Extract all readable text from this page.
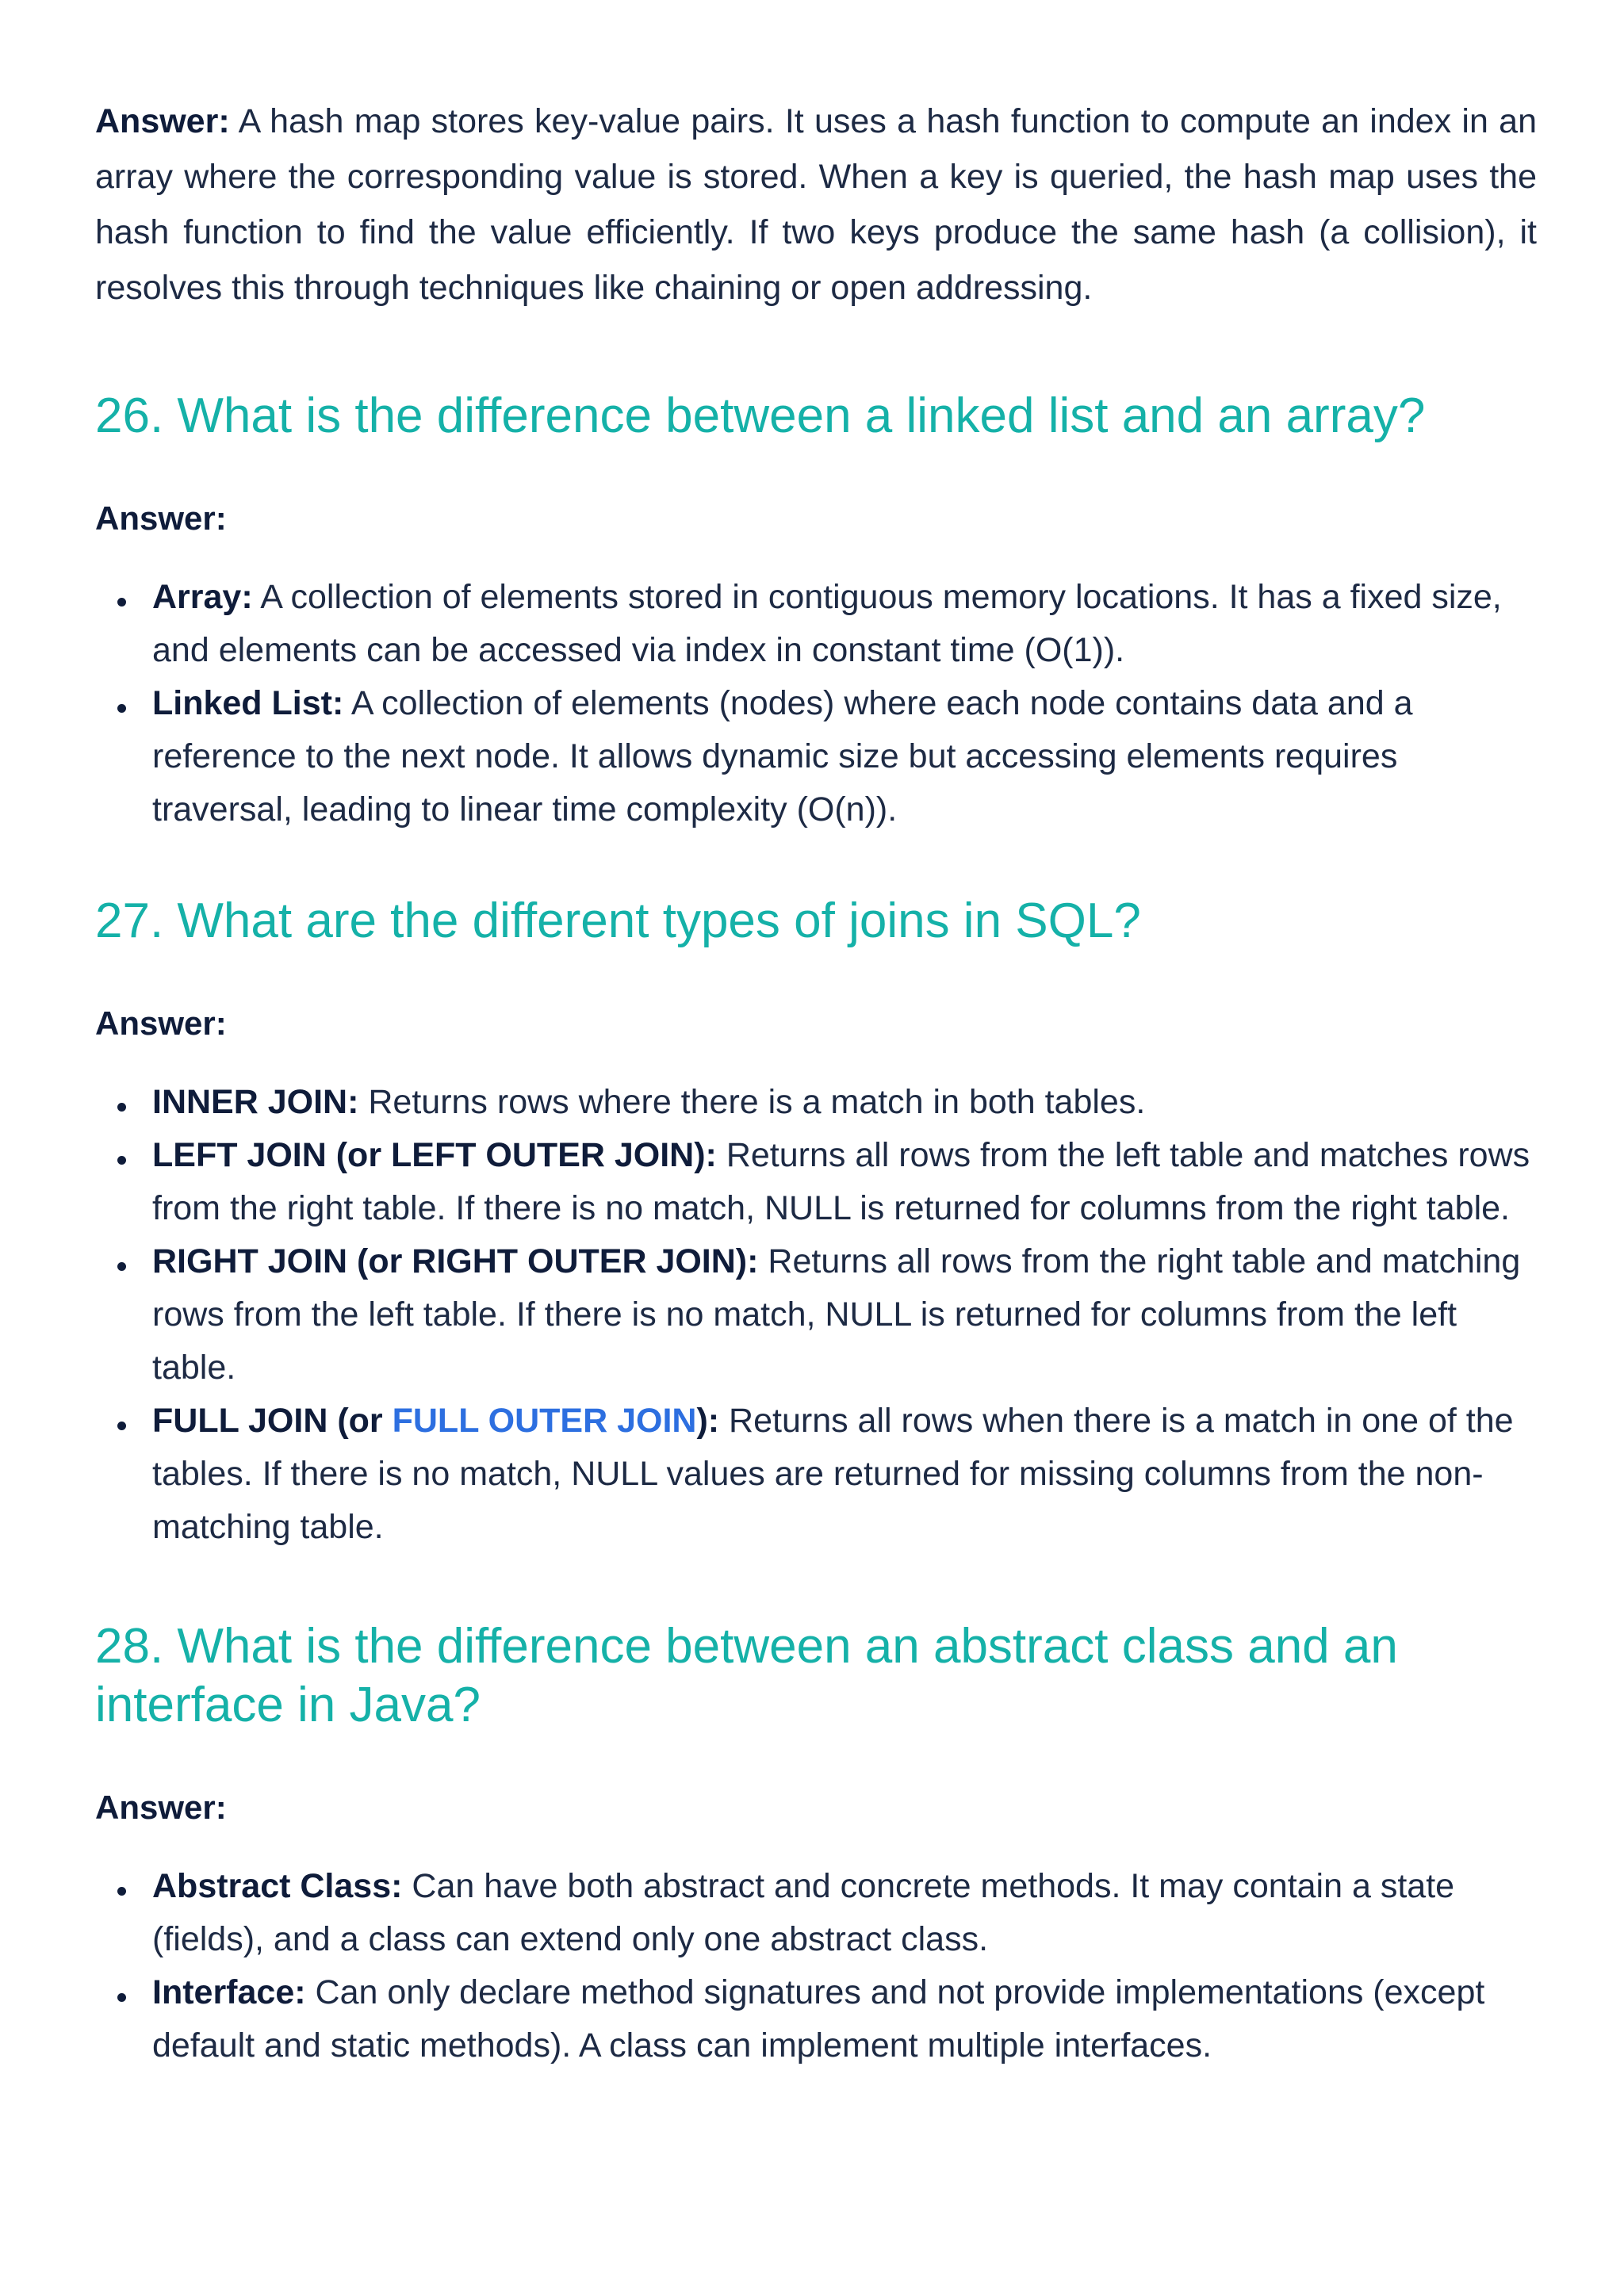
Answer: A hash map stores key-value pairs. It uses a hash function to compute an index in an array where the corresponding value is stored. When a key is queried, the hash map uses the hash function to find the value efficiently. If two keys produce the same hash (a collision), it resolves this through techniques like chaining or open addressing.

26. What is the difference between a linked list and an array?
Answer:
Array: A collection of elements stored in contiguous memory locations. It has a fixed size, and elements can be accessed via index in constant time (O(1)).
Linked List: A collection of elements (nodes) where each node contains data and a reference to the next node. It allows dynamic size but accessing elements requires traversal, leading to linear time complexity (O(n)).
27. What are the different types of joins in SQL?
Answer:
INNER JOIN: Returns rows where there is a match in both tables.
LEFT JOIN (or LEFT OUTER JOIN): Returns all rows from the left table and matches rows from the right table. If there is no match, NULL is returned for columns from the right table.
RIGHT JOIN (or RIGHT OUTER JOIN): Returns all rows from the right table and matching rows from the left table. If there is no match, NULL is returned for columns from the left table.
FULL JOIN (or FULL OUTER JOIN): Returns all rows when there is a match in one of the tables. If there is no match, NULL values are returned for missing columns from the non-matching table.
28. What is the difference between an abstract class and an interface in Java?
Answer:
Abstract Class: Can have both abstract and concrete methods. It may contain a state (fields), and a class can extend only one abstract class.
Interface: Can only declare method signatures and not provide implementations (except default and static methods). A class can implement multiple interfaces.
